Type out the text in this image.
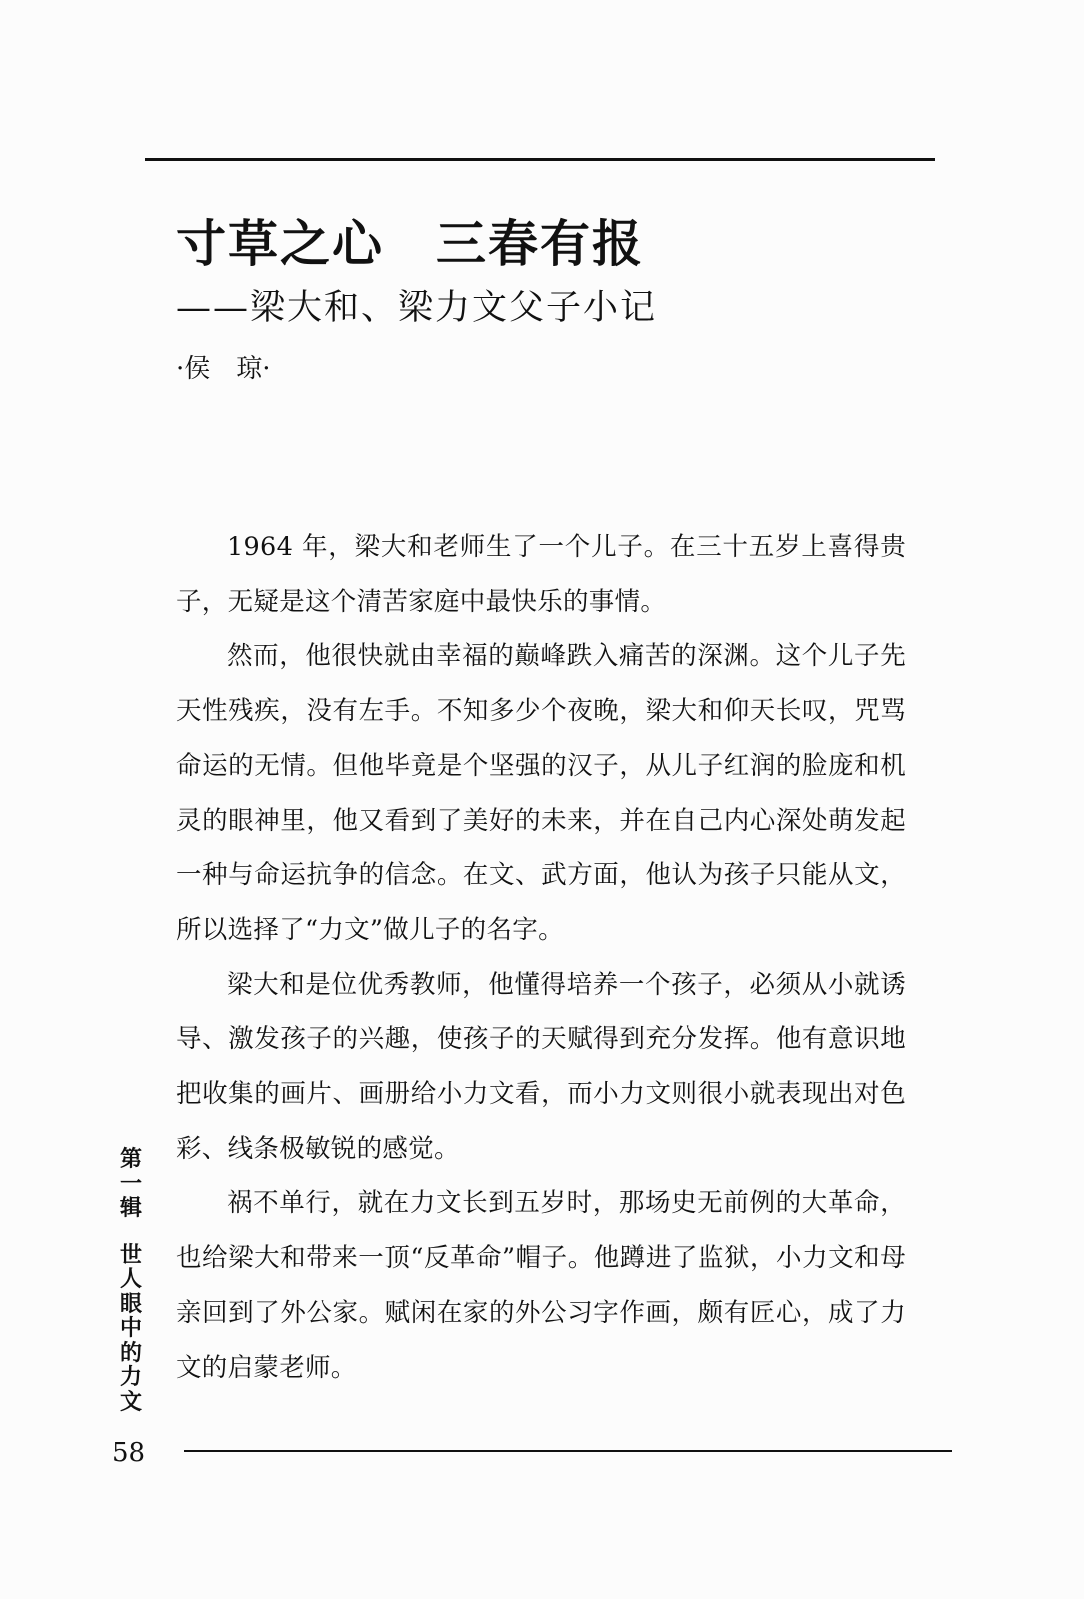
寸草之心　三春有报
——梁大和、梁力文父子小记
·侯　琼·

1964 年，梁大和老师生了一个儿子。在三十五岁上喜得贵子，无疑是这个清苦家庭中最快乐的事情。

然而，他很快就由幸福的巅峰跌入痛苦的深渊。这个儿子先天性残疾，没有左手。不知多少个夜晚，梁大和仰天长叹，咒骂命运的无情。但他毕竟是个坚强的汉子，从儿子红润的脸庞和机灵的眼神里，他又看到了美好的未来，并在自己内心深处萌发起一种与命运抗争的信念。在文、武方面，他认为孩子只能从文，所以选择了“力文”做儿子的名字。

梁大和是位优秀教师，他懂得培养一个孩子，必须从小就诱导、激发孩子的兴趣，使孩子的天赋得到充分发挥。他有意识地把收集的画片、画册给小力文看，而小力文则很小就表现出对色彩、线条极敏锐的感觉。

祸不单行，就在力文长到五岁时，那场史无前例的大革命，也给梁大和带来一顶“反革命”帽子。他蹲进了监狱，小力文和母亲回到了外公家。赋闲在家的外公习字作画，颇有匠心，成了力文的启蒙老师。

第
一
辑
世
人
眼
中
的
力
文
58
